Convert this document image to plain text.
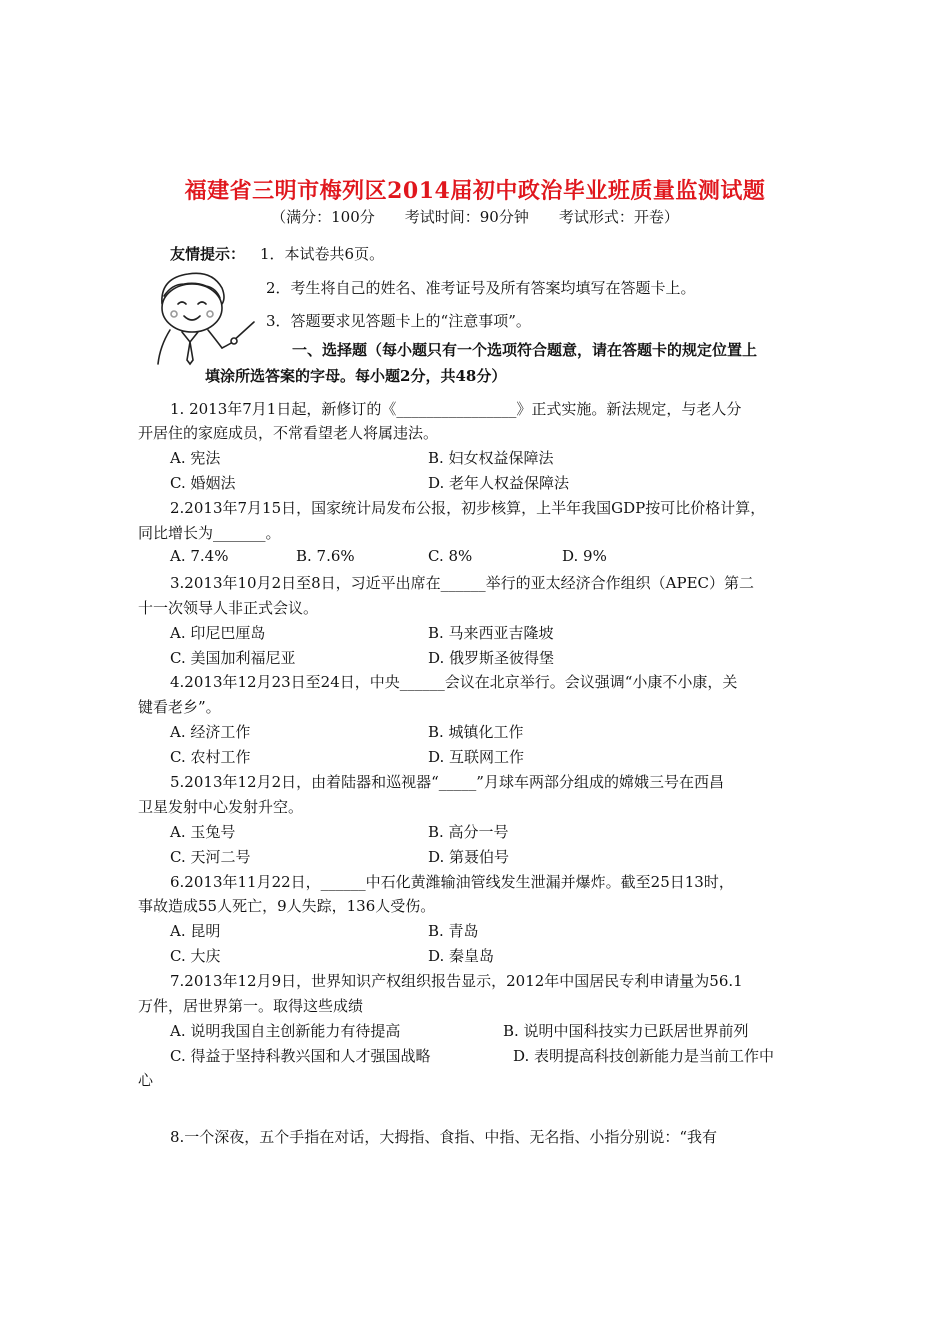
福建省三明市梅列区2014届初中政治毕业班质量监测试题
（满分：100分　　考试时间：90分钟　　考试形式：开卷）
友情提示： 1．本试卷共6页。
2．考生将自己的姓名、准考证号及所有答案均填写在答题卡上。
3．答题要求见答题卡上的“注意事项”。
一、选择题（每小题只有一个选项符合题意，请在答题卡的规定位置上
填涂所选答案的字母。每小题2分，共48分）
1. 2013年7月1日起，新修订的《________________》正式实施。新法规定，与老人分
开居住的家庭成员，不常看望老人将属违法。
A. 宪法	B. 妇女权益保障法
C. 婚姻法	D. 老年人权益保障法
2.2013年7月15日，国家统计局发布公报，初步核算，上半年我国GDP按可比价格计算，
同比增长为_______。
A. 7.4%	B. 7.6%	C. 8%	D. 9%
3.2013年10月2日至8日，习近平出席在______举行的亚太经济合作组织（APEC）第二
十一次领导人非正式会议。
A. 印尼巴厘岛	B. 马来西亚吉隆坡
C. 美国加利福尼亚	D. 俄罗斯圣彼得堡
4.2013年12月23日至24日，中央______会议在北京举行。会议强调“小康不小康，关
键看老乡”。
A. 经济工作	B. 城镇化工作
C. 农村工作	D. 互联网工作
5.2013年12月2日，由着陆器和巡视器“_____”月球车两部分组成的嫦娥三号在西昌
卫星发射中心发射升空。
A. 玉兔号	B. 高分一号
C. 天河二号	D. 第聂伯号
6.2013年11月22日，______中石化黄潍输油管线发生泄漏并爆炸。截至25日13时，
事故造成55人死亡，9人失踪，136人受伤。
A. 昆明	B. 青岛
C. 大庆	D. 秦皇岛
7.2013年12月9日，世界知识产权组织报告显示，2012年中国居民专利申请量为56.1
万件，居世界第一。取得这些成绩
A. 说明我国自主创新能力有待提高	B. 说明中国科技实力已跃居世界前列
C. 得益于坚持科教兴国和人才强国战略	D. 表明提高科技创新能力是当前工作中
心
8.一个深夜，五个手指在对话，大拇指、食指、中指、无名指、小指分别说：“我有
